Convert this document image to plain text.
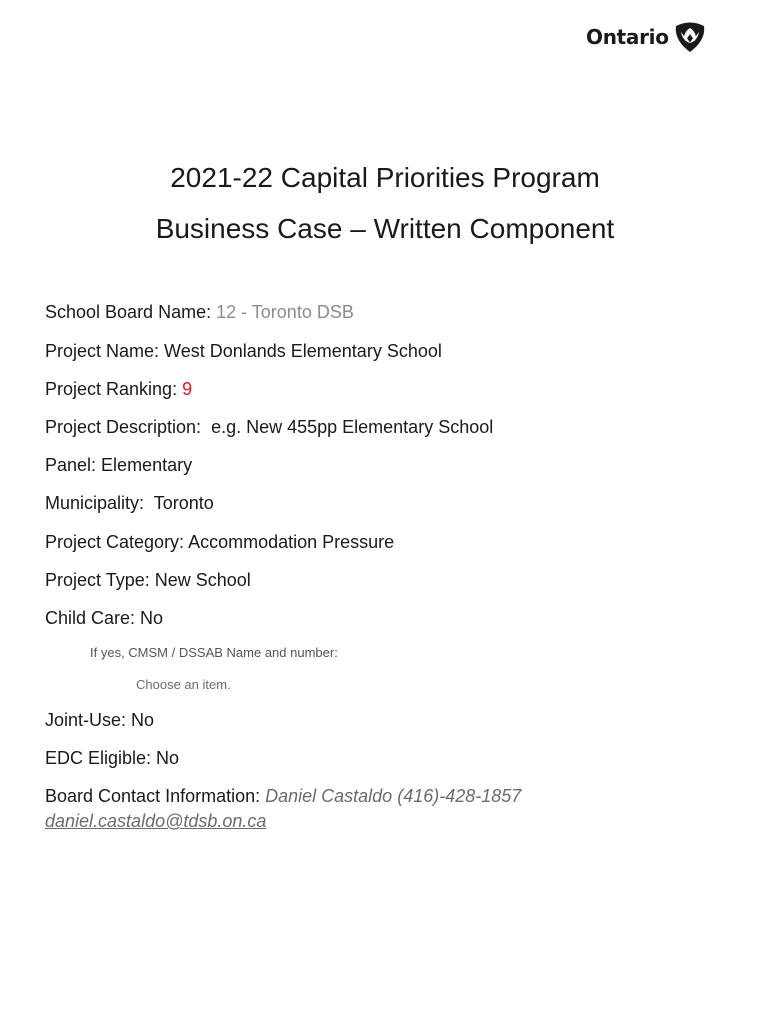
Ontario
2021-22 Capital Priorities Program
Business Case – Written Component
School Board Name: 12 - Toronto DSB
Project Name: West Donlands Elementary School
Project Ranking: 9
Project Description:  e.g. New 455pp Elementary School
Panel: Elementary
Municipality:  Toronto
Project Category: Accommodation Pressure
Project Type: New School
Child Care: No
If yes, CMSM / DSSAB Name and number:
Choose an item.
Joint-Use: No
EDC Eligible: No
Board Contact Information: Daniel Castaldo (416)-428-1857
daniel.castaldo@tdsb.on.ca
